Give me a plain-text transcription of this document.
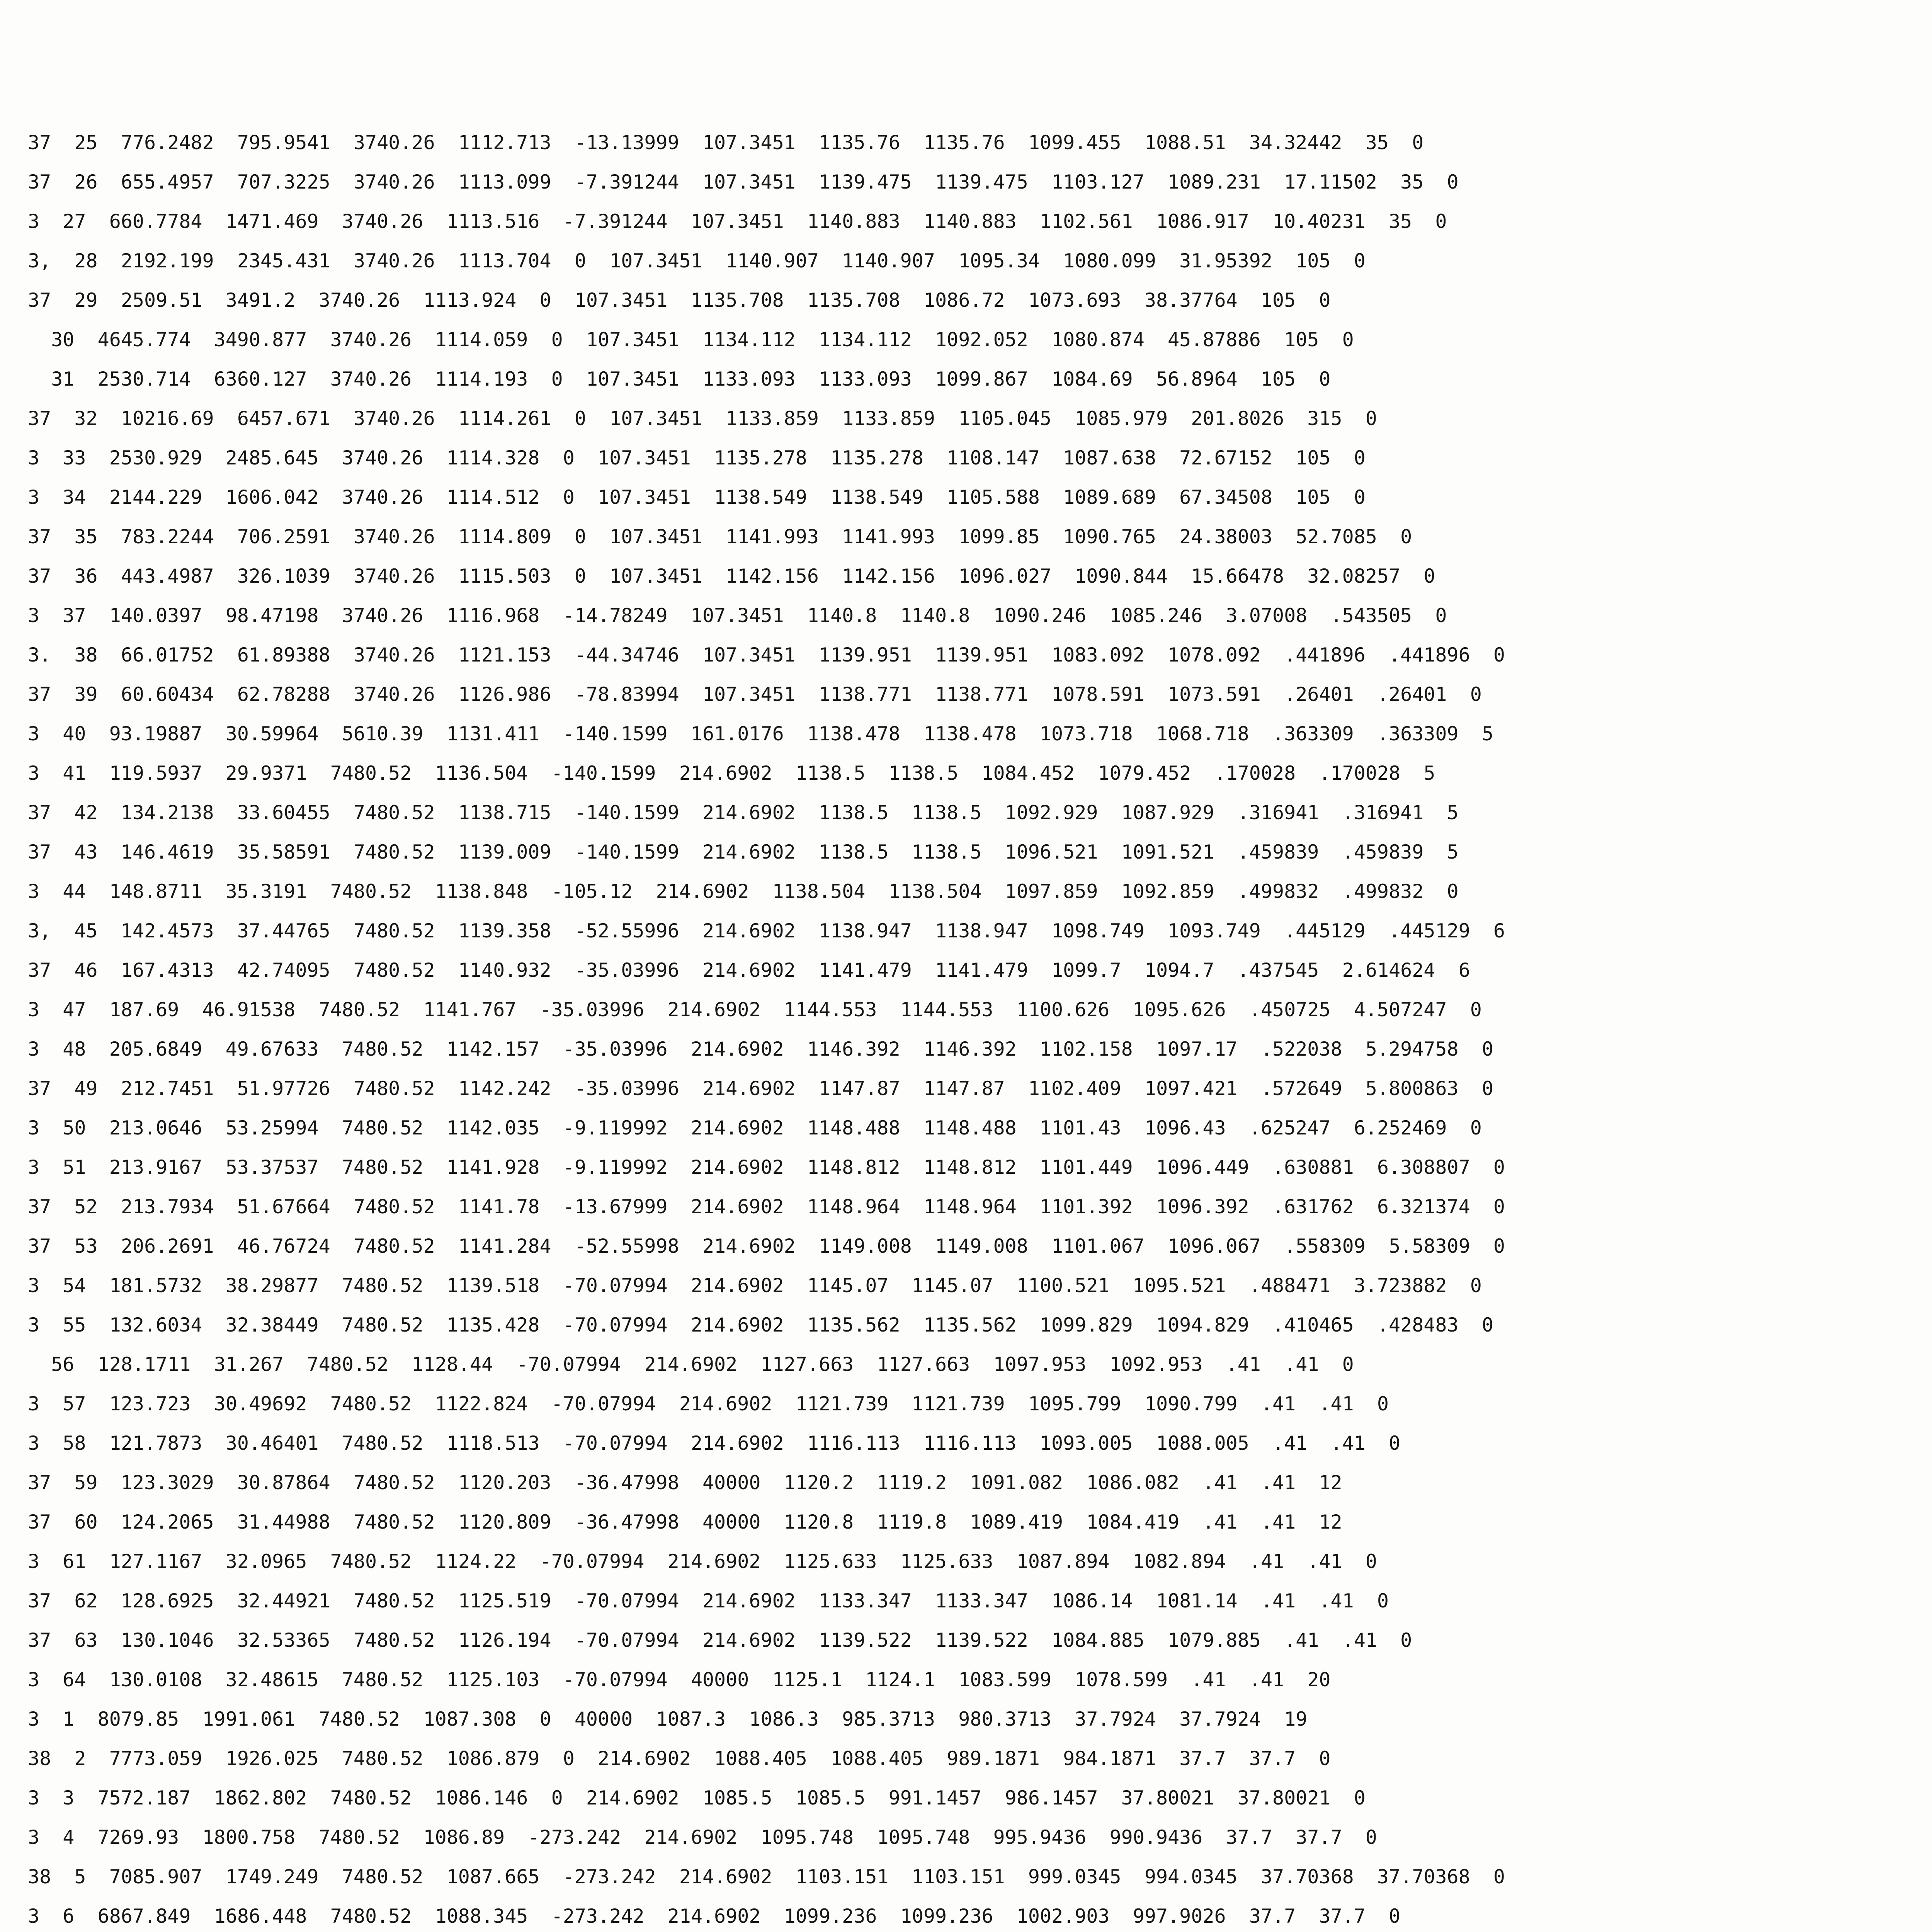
37  25  776.2482  795.9541  3740.26  1112.713  -13.13999  107.3451  1135.76  1135.76  1099.455  1088.51  34.32442  35  0
37  26  655.4957  707.3225  3740.26  1113.099  -7.391244  107.3451  1139.475  1139.475  1103.127  1089.231  17.11502  35  0
3  27  660.7784  1471.469  3740.26  1113.516  -7.391244  107.3451  1140.883  1140.883  1102.561  1086.917  10.40231  35  0
3,  28  2192.199  2345.431  3740.26  1113.704  0  107.3451  1140.907  1140.907  1095.34  1080.099  31.95392  105  0
37  29  2509.51  3491.2  3740.26  1113.924  0  107.3451  1135.708  1135.708  1086.72  1073.693  38.37764  105  0
30  4645.774  3490.877  3740.26  1114.059  0  107.3451  1134.112  1134.112  1092.052  1080.874  45.87886  105  0
31  2530.714  6360.127  3740.26  1114.193  0  107.3451  1133.093  1133.093  1099.867  1084.69  56.8964  105  0
37  32  10216.69  6457.671  3740.26  1114.261  0  107.3451  1133.859  1133.859  1105.045  1085.979  201.8026  315  0
3  33  2530.929  2485.645  3740.26  1114.328  0  107.3451  1135.278  1135.278  1108.147  1087.638  72.67152  105  0
3  34  2144.229  1606.042  3740.26  1114.512  0  107.3451  1138.549  1138.549  1105.588  1089.689  67.34508  105  0
37  35  783.2244  706.2591  3740.26  1114.809  0  107.3451  1141.993  1141.993  1099.85  1090.765  24.38003  52.7085  0
37  36  443.4987  326.1039  3740.26  1115.503  0  107.3451  1142.156  1142.156  1096.027  1090.844  15.66478  32.08257  0
3  37  140.0397  98.47198  3740.26  1116.968  -14.78249  107.3451  1140.8  1140.8  1090.246  1085.246  3.07008  .543505  0
3.  38  66.01752  61.89388  3740.26  1121.153  -44.34746  107.3451  1139.951  1139.951  1083.092  1078.092  .441896  .441896  0
37  39  60.60434  62.78288  3740.26  1126.986  -78.83994  107.3451  1138.771  1138.771  1078.591  1073.591  .26401  .26401  0
3  40  93.19887  30.59964  5610.39  1131.411  -140.1599  161.0176  1138.478  1138.478  1073.718  1068.718  .363309  .363309  5
3  41  119.5937  29.9371  7480.52  1136.504  -140.1599  214.6902  1138.5  1138.5  1084.452  1079.452  .170028  .170028  5
37  42  134.2138  33.60455  7480.52  1138.715  -140.1599  214.6902  1138.5  1138.5  1092.929  1087.929  .316941  .316941  5
37  43  146.4619  35.58591  7480.52  1139.009  -140.1599  214.6902  1138.5  1138.5  1096.521  1091.521  .459839  .459839  5
3  44  148.8711  35.3191  7480.52  1138.848  -105.12  214.6902  1138.504  1138.504  1097.859  1092.859  .499832  .499832  0
3,  45  142.4573  37.44765  7480.52  1139.358  -52.55996  214.6902  1138.947  1138.947  1098.749  1093.749  .445129  .445129  6
37  46  167.4313  42.74095  7480.52  1140.932  -35.03996  214.6902  1141.479  1141.479  1099.7  1094.7  .437545  2.614624  6
3  47  187.69  46.91538  7480.52  1141.767  -35.03996  214.6902  1144.553  1144.553  1100.626  1095.626  .450725  4.507247  0
3  48  205.6849  49.67633  7480.52  1142.157  -35.03996  214.6902  1146.392  1146.392  1102.158  1097.17  .522038  5.294758  0
37  49  212.7451  51.97726  7480.52  1142.242  -35.03996  214.6902  1147.87  1147.87  1102.409  1097.421  .572649  5.800863  0
3  50  213.0646  53.25994  7480.52  1142.035  -9.119992  214.6902  1148.488  1148.488  1101.43  1096.43  .625247  6.252469  0
3  51  213.9167  53.37537  7480.52  1141.928  -9.119992  214.6902  1148.812  1148.812  1101.449  1096.449  .630881  6.308807  0
37  52  213.7934  51.67664  7480.52  1141.78  -13.67999  214.6902  1148.964  1148.964  1101.392  1096.392  .631762  6.321374  0
37  53  206.2691  46.76724  7480.52  1141.284  -52.55998  214.6902  1149.008  1149.008  1101.067  1096.067  .558309  5.58309  0
3  54  181.5732  38.29877  7480.52  1139.518  -70.07994  214.6902  1145.07  1145.07  1100.521  1095.521  .488471  3.723882  0
3  55  132.6034  32.38449  7480.52  1135.428  -70.07994  214.6902  1135.562  1135.562  1099.829  1094.829  .410465  .428483  0
56  128.1711  31.267  7480.52  1128.44  -70.07994  214.6902  1127.663  1127.663  1097.953  1092.953  .41  .41  0
3  57  123.723  30.49692  7480.52  1122.824  -70.07994  214.6902  1121.739  1121.739  1095.799  1090.799  .41  .41  0
3  58  121.7873  30.46401  7480.52  1118.513  -70.07994  214.6902  1116.113  1116.113  1093.005  1088.005  .41  .41  0
37  59  123.3029  30.87864  7480.52  1120.203  -36.47998  40000  1120.2  1119.2  1091.082  1086.082  .41  .41  12
37  60  124.2065  31.44988  7480.52  1120.809  -36.47998  40000  1120.8  1119.8  1089.419  1084.419  .41  .41  12
3  61  127.1167  32.0965  7480.52  1124.22  -70.07994  214.6902  1125.633  1125.633  1087.894  1082.894  .41  .41  0
37  62  128.6925  32.44921  7480.52  1125.519  -70.07994  214.6902  1133.347  1133.347  1086.14  1081.14  .41  .41  0
37  63  130.1046  32.53365  7480.52  1126.194  -70.07994  214.6902  1139.522  1139.522  1084.885  1079.885  .41  .41  0
3  64  130.0108  32.48615  7480.52  1125.103  -70.07994  40000  1125.1  1124.1  1083.599  1078.599  .41  .41  20
3  1  8079.85  1991.061  7480.52  1087.308  0  40000  1087.3  1086.3  985.3713  980.3713  37.7924  37.7924  19
38  2  7773.059  1926.025  7480.52  1086.879  0  214.6902  1088.405  1088.405  989.1871  984.1871  37.7  37.7  0
3  3  7572.187  1862.802  7480.52  1086.146  0  214.6902  1085.5  1085.5  991.1457  986.1457  37.80021  37.80021  0
3  4  7269.93  1800.758  7480.52  1086.89  -273.242  214.6902  1095.748  1095.748  995.9436  990.9436  37.7  37.7  0
38  5  7085.907  1749.249  7480.52  1087.665  -273.242  214.6902  1103.151  1103.151  999.0345  994.0345  37.70368  37.70368  0
3  6  6867.849  1686.448  7480.52  1088.345  -273.242  214.6902  1099.236  1099.236  1002.903  997.9026  37.7  37.7  0
